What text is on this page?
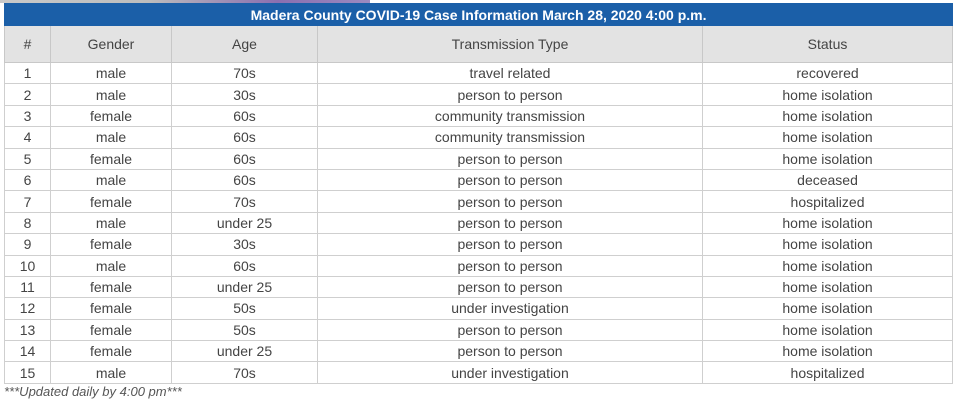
Madera County COVID-19 Case Information March 28, 2020 4:00 p.m.				
#	Gender	Age	Transmission Type	Status
1	male	70s	travel related	recovered
2	male	30s	person to person	home isolation
3	female	60s	community transmission	home isolation
4	male	60s	community transmission	home isolation
5	female	60s	person to person	home isolation
6	male	60s	person to person	deceased
7	female	70s	person to person	hospitalized
8	male	under 25	person to person	home isolation
9	female	30s	person to person	home isolation
10	male	60s	person to person	home isolation
11	female	under 25	person to person	home isolation
12	female	50s	under investigation	home isolation
13	female	50s	person to person	home isolation
14	female	under 25	person to person	home isolation
15	male	70s	under investigation	hospitalized
***Updated daily by 4:00 pm***
